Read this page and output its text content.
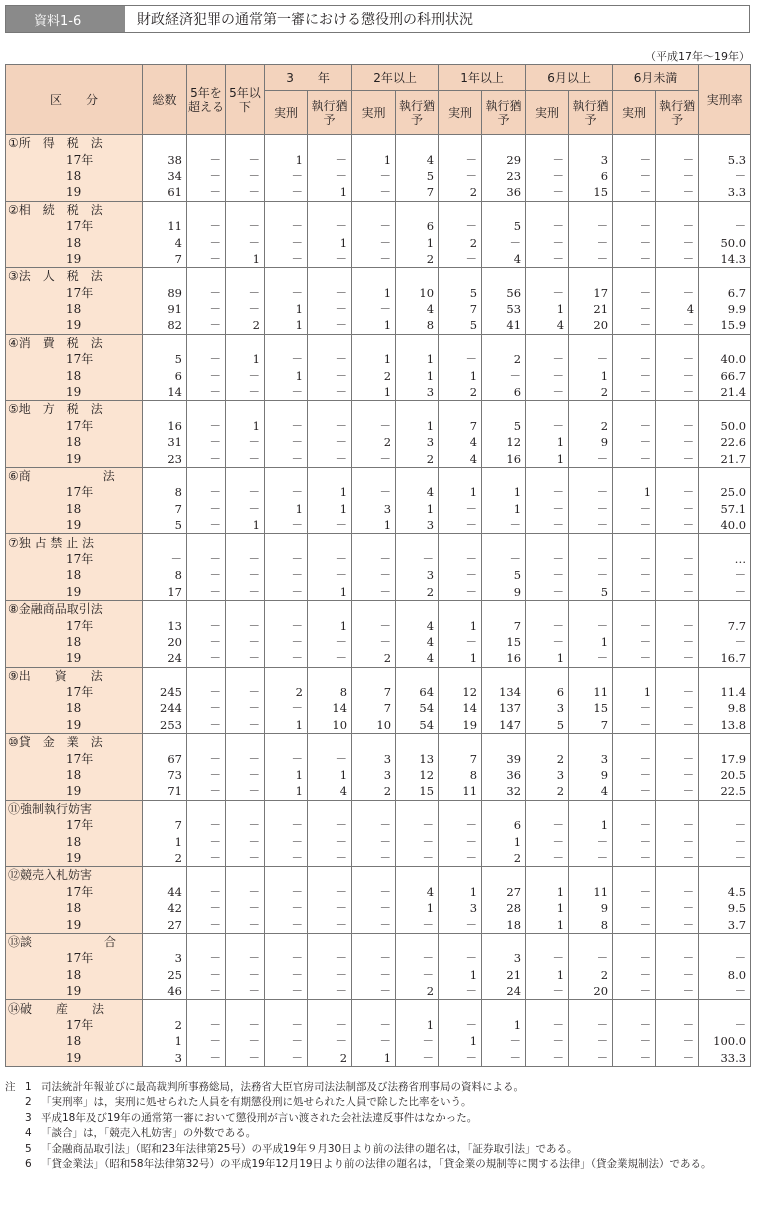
資料1-6	財政経済犯罪の通常第一審における懲役刑の科刑状況
（平成17年～19年）
区　　分	総数	5年を超える	5年以下	3　　年		2年以上		1年以上		6月以上		6月未満		実刑率
				実刑	執行猶予	実刑	執行猶予	実刑	執行猶予	実刑	執行猶予	実刑	執行猶予	
①所　得　税　法														
17年	38	－	－	1	－	1	4	－	29	－	3	－	－	5.3
18	34	－	－	－	－	－	5	－	23	－	6	－	－	－
19	61	－	－	－	1	－	7	2	36	－	15	－	－	3.3
②相　続　税　法														
17年	11	－	－	－	－	－	6	－	5	－	－	－	－	－
18	4	－	－	－	1	－	1	2	－	－	－	－	－	50.0
19	7	－	1	－	－	－	2	－	4	－	－	－	－	14.3
③法　人　税　法														
17年	89	－	－	－	－	1	10	5	56	－	17	－	－	6.7
18	91	－	－	1	－	－	4	7	53	1	21	－	4	9.9
19	82	－	2	1	－	1	8	5	41	4	20	－	－	15.9
④消　費　税　法														
17年	5	－	1	－	－	1	1	－	2	－	－	－	－	40.0
18	6	－	－	1	－	2	1	1	－	－	1	－	－	66.7
19	14	－	－	－	－	1	3	2	6	－	2	－	－	21.4
⑤地　方　税　法														
17年	16	－	1	－	－	－	1	7	5	－	2	－	－	50.0
18	31	－	－	－	－	2	3	4	12	1	9	－	－	22.6
19	23	－	－	－	－	－	2	4	16	1	－	－	－	21.7
⑥商　　　　　　法														
17年	8	－	－	－	1	－	4	1	1	－	－	1	－	25.0
18	7	－	－	1	1	3	1	－	1	－	－	－	－	57.1
19	5	－	1	－	－	1	3	－	－	－	－	－	－	40.0
⑦独 占 禁 止 法														
17年	－	－	－	－	－	－	－	－	－	－	－	－	－	…
18	8	－	－	－	－	－	3	－	5	－	－	－	－	－
19	17	－	－	－	1	－	2	－	9	－	5	－	－	－
⑧金融商品取引法														
17年	13	－	－	－	1	－	4	1	7	－	－	－	－	7.7
18	20	－	－	－	－	－	4	－	15	－	1	－	－	－
19	24	－	－	－	－	2	4	1	16	1	－	－	－	16.7
⑨出　　資　　法														
17年	245	－	－	2	8	7	64	12	134	6	11	1	－	11.4
18	244	－	－	－	14	7	54	14	137	3	15	－	－	9.8
19	253	－	－	1	10	10	54	19	147	5	7	－	－	13.8
⑩貸　金　業　法														
17年	67	－	－	－	－	3	13	7	39	2	3	－	－	17.9
18	73	－	－	1	1	3	12	8	36	3	9	－	－	20.5
19	71	－	－	1	4	2	15	11	32	2	4	－	－	22.5
⑪強制執行妨害														
17年	7	－	－	－	－	－	－	－	6	－	1	－	－	－
18	1	－	－	－	－	－	－	－	1	－	－	－	－	－
19	2	－	－	－	－	－	－	－	2	－	－	－	－	－
⑫競売入札妨害														
17年	44	－	－	－	－	－	4	1	27	1	11	－	－	4.5
18	42	－	－	－	－	－	1	3	28	1	9	－	－	9.5
19	27	－	－	－	－	－	－	－	18	1	8	－	－	3.7
⑬談　　　　　　合														
17年	3	－	－	－	－	－	－	－	3	－	－	－	－	－
18	25	－	－	－	－	－	－	1	21	1	2	－	－	8.0
19	46	－	－	－	－	－	2	－	24	－	20	－	－	－
⑭破　　産　　法														
17年	2	－	－	－	－	－	1	－	1	－	－	－	－	－
18	1	－	－	－	－	－	－	1	－	－	－	－	－	100.0
19	3	－	－	－	2	1	－	－	－	－	－	－	－	33.3
注 1 司法統計年報並びに最高裁判所事務総局，法務省大臣官房司法法制部及び法務省刑事局の資料による。
2 「実刑率」は，実刑に処せられた人員を有期懲役刑に処せられた人員で除した比率をいう。
3 平成18年及び19年の通常第一審において懲役刑が言い渡された会社法違反事件はなかった。
4 「談合」は，「競売入札妨害」の外数である。
5 「金融商品取引法」（昭和23年法律第25号）の平成19年９月30日より前の法律の題名は，「証券取引法」である。
6 「貸金業法」（昭和58年法律第32号）の平成19年12月19日より前の法律の題名は，「貸金業の規制等に関する法律」（貸金業規制法）である。
